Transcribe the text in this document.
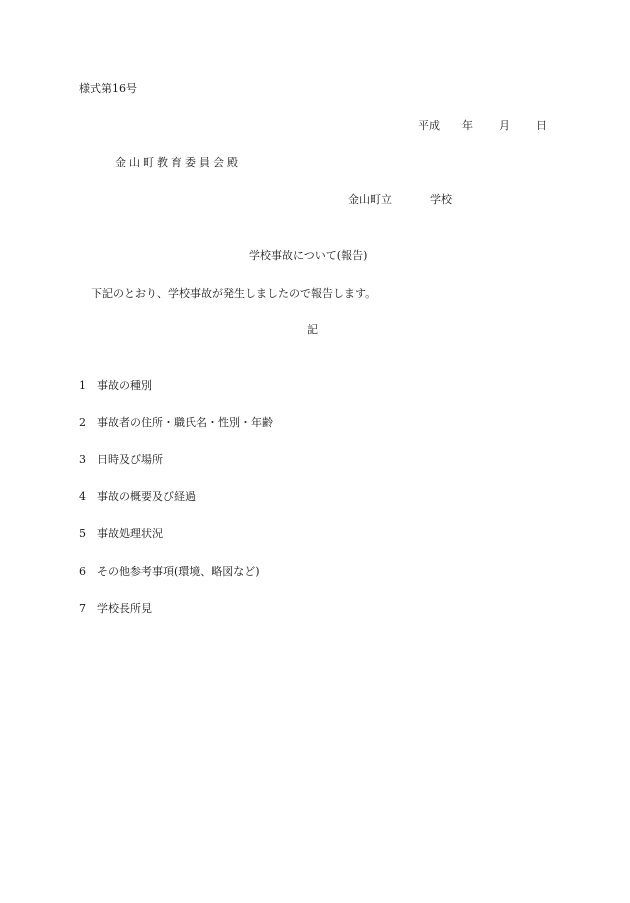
様式第16号

平成 年 月 日

金山町教育委員会殿

金山町立	学校

学校事故について(報告)

下記のとおり、学校事故が発生しましたので報告します。

記

1 事故の種別

2 事故者の住所・職氏名・性別・年齢

3 日時及び場所

4 事故の概要及び経過

5 事故処理状況

6 その他参考事項(環境、略図など)

7 学校長所見
